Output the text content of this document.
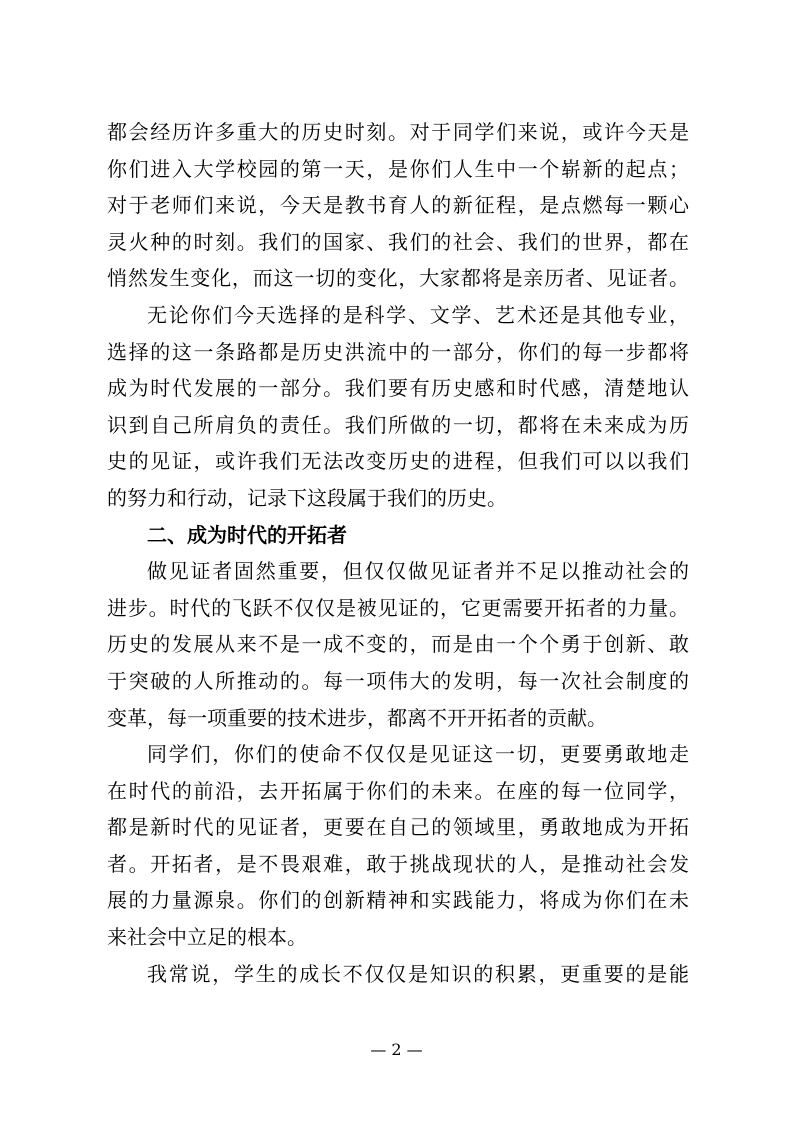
都会经历许多重大的历史时刻。对于同学们来说，或许今天是
你们进入大学校园的第一天，是你们人生中一个崭新的起点；
对于老师们来说，今天是教书育人的新征程，是点燃每一颗心
灵火种的时刻。我们的国家、我们的社会、我们的世界，都在
悄然发生变化，而这一切的变化，大家都将是亲历者、见证者。
无论你们今天选择的是科学、文学、艺术还是其他专业，
选择的这一条路都是历史洪流中的一部分，你们的每一步都将
成为时代发展的一部分。我们要有历史感和时代感，清楚地认
识到自己所肩负的责任。我们所做的一切，都将在未来成为历
史的见证，或许我们无法改变历史的进程，但我们可以以我们
的努力和行动，记录下这段属于我们的历史。
二、成为时代的开拓者
做见证者固然重要，但仅仅做见证者并不足以推动社会的
进步。时代的飞跃不仅仅是被见证的，它更需要开拓者的力量。
历史的发展从来不是一成不变的，而是由一个个勇于创新、敢
于突破的人所推动的。每一项伟大的发明，每一次社会制度的
变革，每一项重要的技术进步，都离不开开拓者的贡献。
同学们，你们的使命不仅仅是见证这一切，更要勇敢地走
在时代的前沿，去开拓属于你们的未来。在座的每一位同学，
都是新时代的见证者，更要在自己的领域里，勇敢地成为开拓
者。开拓者，是不畏艰难，敢于挑战现状的人，是推动社会发
展的力量源泉。你们的创新精神和实践能力，将成为你们在未
来社会中立足的根本。
我常说，学生的成长不仅仅是知识的积累，更重要的是能
— 2 —
